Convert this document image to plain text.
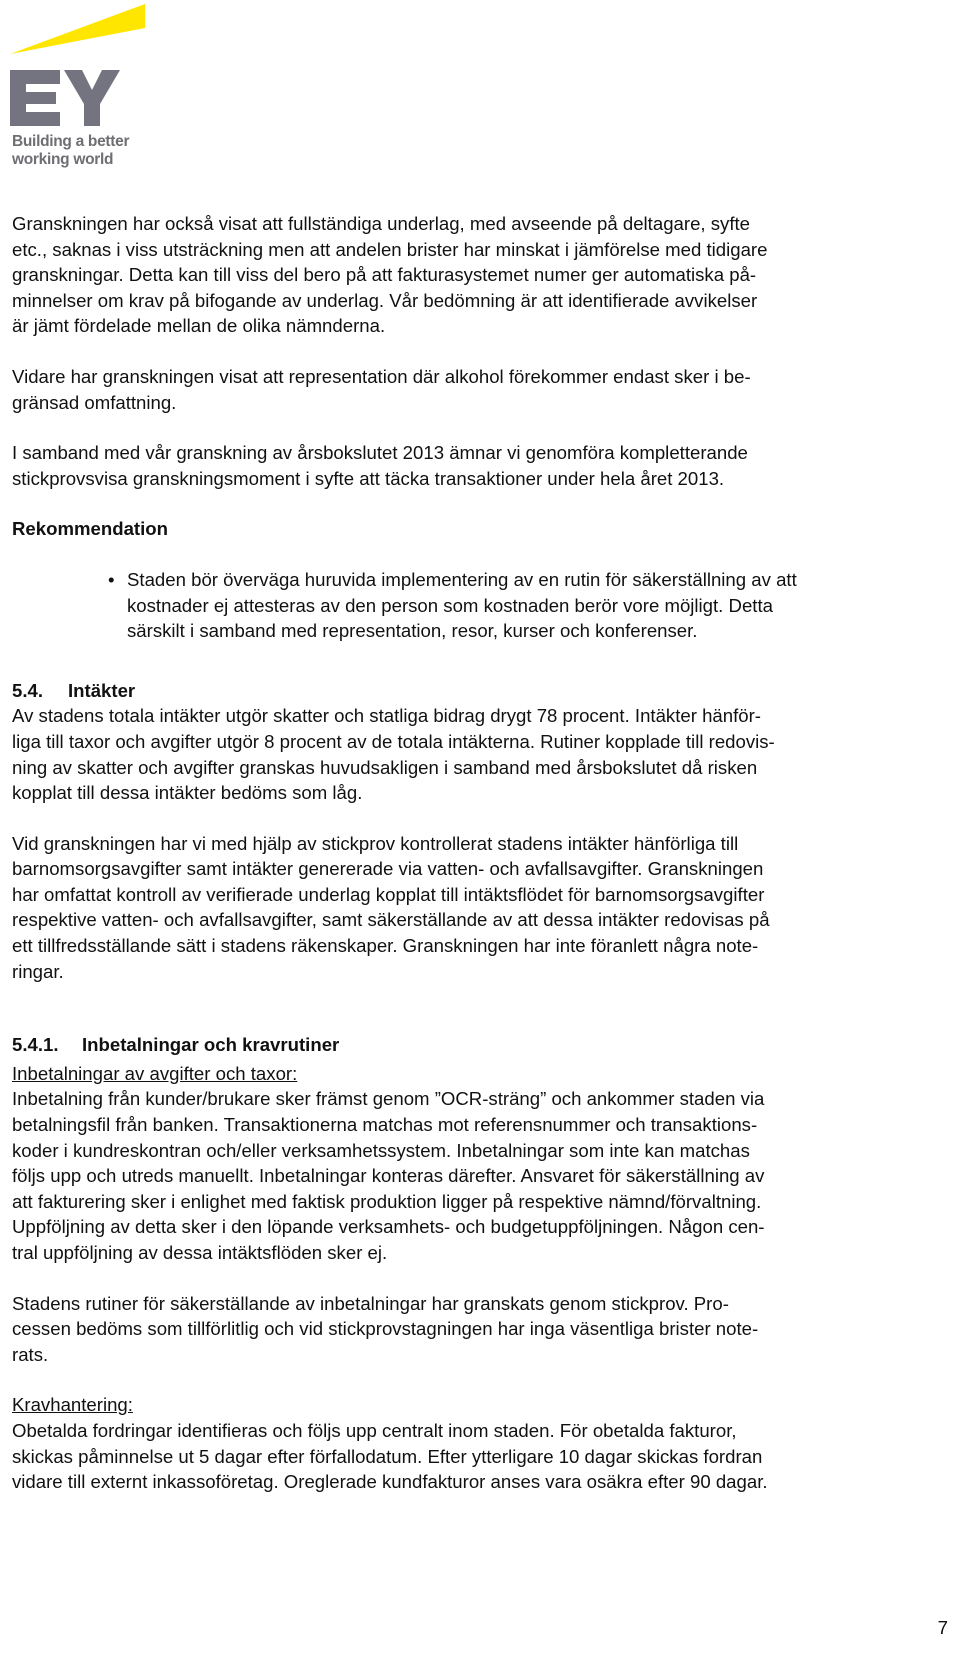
Building a better
working world

Granskningen har också visat att fullständiga underlag, med avseende på deltagare, syfte
etc., saknas i viss utsträckning men att andelen brister har minskat i jämförelse med tidigare
granskningar. Detta kan till viss del bero på att fakturasystemet numer ger automatiska på-
minnelser om krav på bifogande av underlag. Vår bedömning är att identifierade avvikelser
är jämt fördelade mellan de olika nämnderna.

Vidare har granskningen visat att representation där alkohol förekommer endast sker i be-
gränsad omfattning.

I samband med vår granskning av årsbokslutet 2013 ämnar vi genomföra kompletterande
stickprovsvisa granskningsmoment i syfte att täcka transaktioner under hela året 2013.

Rekommendation
• Staden bör överväga huruvida implementering av en rutin för säkerställning av att
kostnader ej attesteras av den person som kostnaden berör vore möjligt. Detta
särskilt i samband med representation, resor, kurser och konferenser.

5.4. Intäkter

Av stadens totala intäkter utgör skatter och statliga bidrag drygt 78 procent. Intäkter hänför-
liga till taxor och avgifter utgör 8 procent av de totala intäkterna. Rutiner kopplade till redovis-
ning av skatter och avgifter granskas huvudsakligen i samband med årsbokslutet då risken
kopplat till dessa intäkter bedöms som låg.

Vid granskningen har vi med hjälp av stickprov kontrollerat stadens intäkter hänförliga till
barnomsorgsavgifter samt intäkter genererade via vatten- och avfallsavgifter. Granskningen
har omfattat kontroll av verifierade underlag kopplat till intäktsflödet för barnomsorgsavgifter
respektive vatten- och avfallsavgifter, samt säkerställande av att dessa intäkter redovisas på
ett tillfredsställande sätt i stadens räkenskaper. Granskningen har inte föranlett några note-
ringar.

5.4.1. Inbetalningar och kravrutiner

Inbetalningar av avgifter och taxor:

Inbetalning från kunder/brukare sker främst genom ”OCR-sträng” och ankommer staden via
betalningsfil från banken. Transaktionerna matchas mot referensnummer och transaktions-
koder i kundreskontran och/eller verksamhetssystem. Inbetalningar som inte kan matchas
följs upp och utreds manuellt. Inbetalningar konteras därefter. Ansvaret för säkerställning av
att fakturering sker i enlighet med faktisk produktion ligger på respektive nämnd/förvaltning.
Uppföljning av detta sker i den löpande verksamhets- och budgetuppföljningen. Någon cen-
tral uppföljning av dessa intäktsflöden sker ej.

Stadens rutiner för säkerställande av inbetalningar har granskats genom stickprov. Pro-
cessen bedöms som tillförlitlig och vid stickprovstagningen har inga väsentliga brister note-
rats.

Kravhantering:

Obetalda fordringar identifieras och följs upp centralt inom staden. För obetalda fakturor,
skickas påminnelse ut 5 dagar efter förfallodatum. Efter ytterligare 10 dagar skickas fordran
vidare till externt inkassoföretag. Oreglerade kundfakturor anses vara osäkra efter 90 dagar.

7
